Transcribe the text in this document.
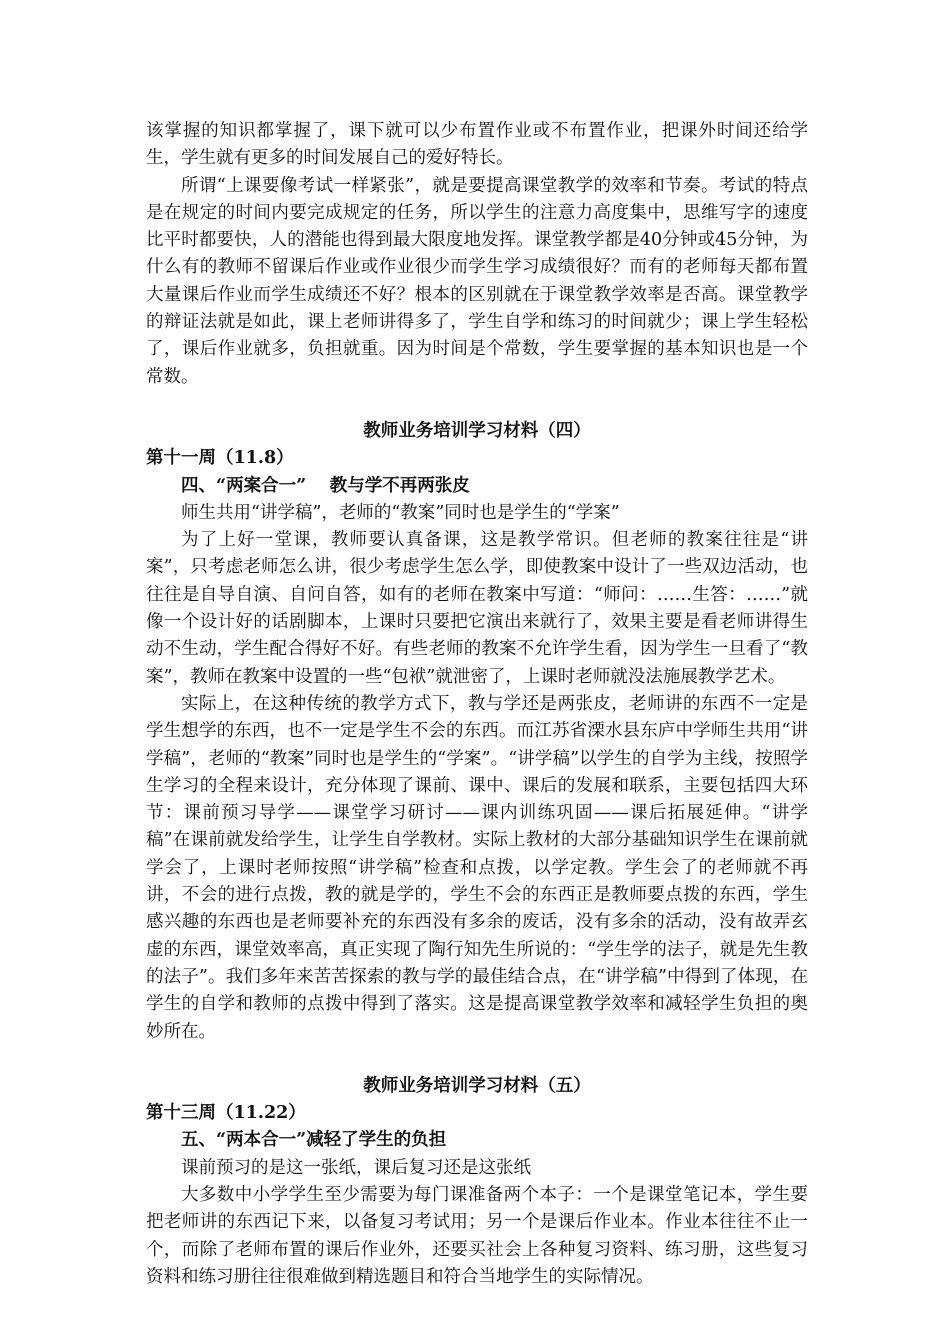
该掌握的知识都掌握了，课下就可以少布置作业或不布置作业，把课外时间还给学生，学生就有更多的时间发展自己的爱好特长。

所谓“上课要像考试一样紧张”，就是要提高课堂教学的效率和节奏。考试的特点是在规定的时间内要完成规定的任务，所以学生的注意力高度集中，思维写字的速度比平时都要快，人的潜能也得到最大限度地发挥。课堂教学都是40分钟或45分钟，为什么有的教师不留课后作业或作业很少而学生学习成绩很好？而有的老师每天都布置大量课后作业而学生成绩还不好？根本的区别就在于课堂教学效率是否高。课堂教学的辩证法就是如此，课上老师讲得多了，学生自学和练习的时间就少；课上学生轻松了，课后作业就多，负担就重。因为时间是个常数，学生要掌握的基本知识也是一个常数。

教师业务培训学习材料（四）

第十一周（11.8）

四、“两案合一”　 教与学不再两张皮

师生共用“讲学稿”，老师的“教案”同时也是学生的“学案”

为了上好一堂课，教师要认真备课，这是教学常识。但老师的教案往往是“讲案”，只考虑老师怎么讲，很少考虑学生怎么学，即使教案中设计了一些双边活动，也往往是自导自演、自问自答，如有的老师在教案中写道：“师问：……生答：……”就像一个设计好的话剧脚本，上课时只要把它演出来就行了，效果主要是看老师讲得生动不生动，学生配合得好不好。有些老师的教案不允许学生看，因为学生一旦看了“教案”，教师在教案中设置的一些“包袱”就泄密了，上课时老师就没法施展教学艺术。

实际上，在这种传统的教学方式下，教与学还是两张皮，老师讲的东西不一定是学生想学的东西，也不一定是学生不会的东西。而江苏省溧水县东庐中学师生共用“讲学稿”，老师的“教案”同时也是学生的“学案”。“讲学稿”以学生的自学为主线，按照学生学习的全程来设计，充分体现了课前、课中、课后的发展和联系，主要包括四大环节：课前预习导学——课堂学习研讨——课内训练巩固——课后拓展延伸。“讲学稿”在课前就发给学生，让学生自学教材。实际上教材的大部分基础知识学生在课前就学会了，上课时老师按照“讲学稿”检查和点拨，以学定教。学生会了的老师就不再讲，不会的进行点拨，教的就是学的，学生不会的东西正是教师要点拨的东西，学生感兴趣的东西也是老师要补充的东西没有多余的废话，没有多余的活动，没有故弄玄虚的东西，课堂效率高，真正实现了陶行知先生所说的：“学生学的法子，就是先生教的法子”。我们多年来苦苦探索的教与学的最佳结合点，在“讲学稿”中得到了体现，在学生的自学和教师的点拨中得到了落实。这是提高课堂教学效率和减轻学生负担的奥妙所在。

教师业务培训学习材料（五）

第十三周（11.22）

五、“两本合一”减轻了学生的负担

课前预习的是这一张纸，课后复习还是这张纸

大多数中小学学生至少需要为每门课准备两个本子：一个是课堂笔记本，学生要把老师讲的东西记下来，以备复习考试用；另一个是课后作业本。作业本往往不止一个，而除了老师布置的课后作业外，还要买社会上各种复习资料、练习册，这些复习资料和练习册往往很难做到精选题目和符合当地学生的实际情况。
